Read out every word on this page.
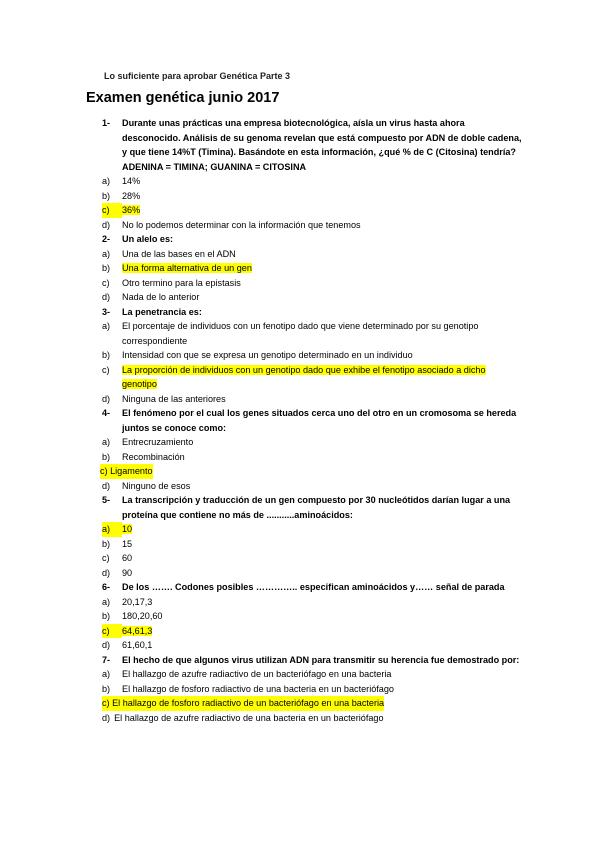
Lo suficiente para aprobar Genética Parte 3
Examen genética junio 2017
1-	Durante unas prácticas una empresa biotecnológica, aísla un virus hasta ahora desconocido. Análisis de su genoma revelan que está compuesto por ADN de doble cadena, y que tiene 14%T (Timina). Basándote en esta información, ¿qué % de C (Citosina) tendría? ADENINA = TIMINA; GUANINA = CITOSINA
a)	14%
b)	28%
c)	36%
d)	No lo podemos determinar con la información que tenemos
2-	Un alelo es:
a)	Una de las bases en el ADN
b)	Una forma alternativa de un gen
c)	Otro termino para la epistasis
d)	Nada de lo anterior
3-	La penetrancia es:
a)	El porcentaje de individuos con un fenotipo dado que viene determinado por su genotipo correspondiente
b)	Intensidad con que se expresa un genotipo determinado en un individuo
c)	La proporción de individuos con un genotipo dado que exhibe el fenotipo asociado a dicho genotipo
d)	Ninguna de las anteriores
4-	El fenómeno por el cual los genes situados cerca uno del otro en un cromosoma se hereda juntos se conoce como:
a)	Entrecruzamiento
b)	Recombinación
c) Ligamento
d)	Ninguno de esos
5-	La transcripción y traducción de un gen compuesto por 30 nucleótidos darían lugar a una proteína que contiene no más de ...........aminoácidos:
a)	10
b)	15
c)	60
d)	90
6-	De los ……. Codones posibles ………….. especifican aminoácidos y…… señal de parada
a)	20,17,3
b)	180,20,60
c)	64,61,3
d)	61,60,1
7-	El hecho de que algunos virus utilizan ADN para transmitir su herencia fue demostrado por:
a)	El hallazgo de azufre radiactivo de un bacteriófago en una bacteria
b)	El hallazgo de fosforo radiactivo de una bacteria en un bacteriófago
c) El hallazgo de fosforo radiactivo de un bacteriófago en una bacteria
d) El hallazgo de azufre radiactivo de una bacteria en un bacteriófago
